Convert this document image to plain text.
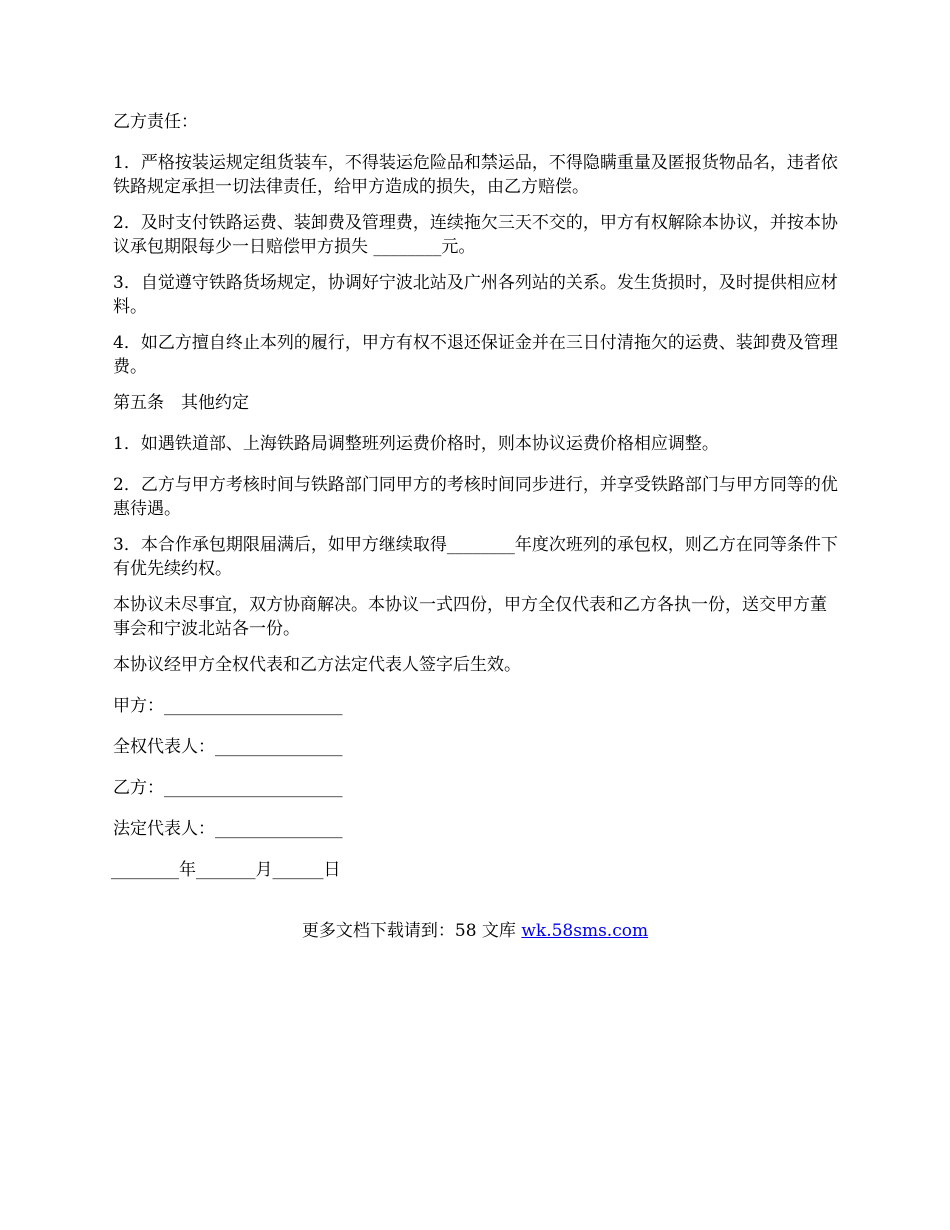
乙方责任：

1．严格按装运规定组货装车，不得装运危险品和禁运品，不得隐瞒重量及匿报货物品名，违者依铁路规定承担一切法律责任，给甲方造成的损失，由乙方赔偿。

2．及时支付铁路运费、装卸费及管理费，连续拖欠三天不交的，甲方有权解除本协议，并按本协议承包期限每少一日赔偿甲方损失 ________元。

3．自觉遵守铁路货场规定，协调好宁波北站及广州各列站的关系。发生货损时，及时提供相应材料。

4．如乙方擅自终止本列的履行，甲方有权不退还保证金并在三日付清拖欠的运费、装卸费及管理费。

第五条　其他约定

1．如遇铁道部、上海铁路局调整班列运费价格时，则本协议运费价格相应调整。

2．乙方与甲方考核时间与铁路部门同甲方的考核时间同步进行，并享受铁路部门与甲方同等的优惠待遇。

3．本合作承包期限届满后，如甲方继续取得________年度次班列的承包权，则乙方在同等条件下有优先续约权。

本协议未尽事宜，双方协商解决。本协议一式四份，甲方全仅代表和乙方各执一份，送交甲方董事会和宁波北站各一份。

本协议经甲方全权代表和乙方法定代表人签字后生效。

甲方：_____________________

全权代表人：_______________

乙方：_____________________

法定代表人：_______________

________年_______月______日

更多文档下载请到：58 文库 wk.58sms.com
